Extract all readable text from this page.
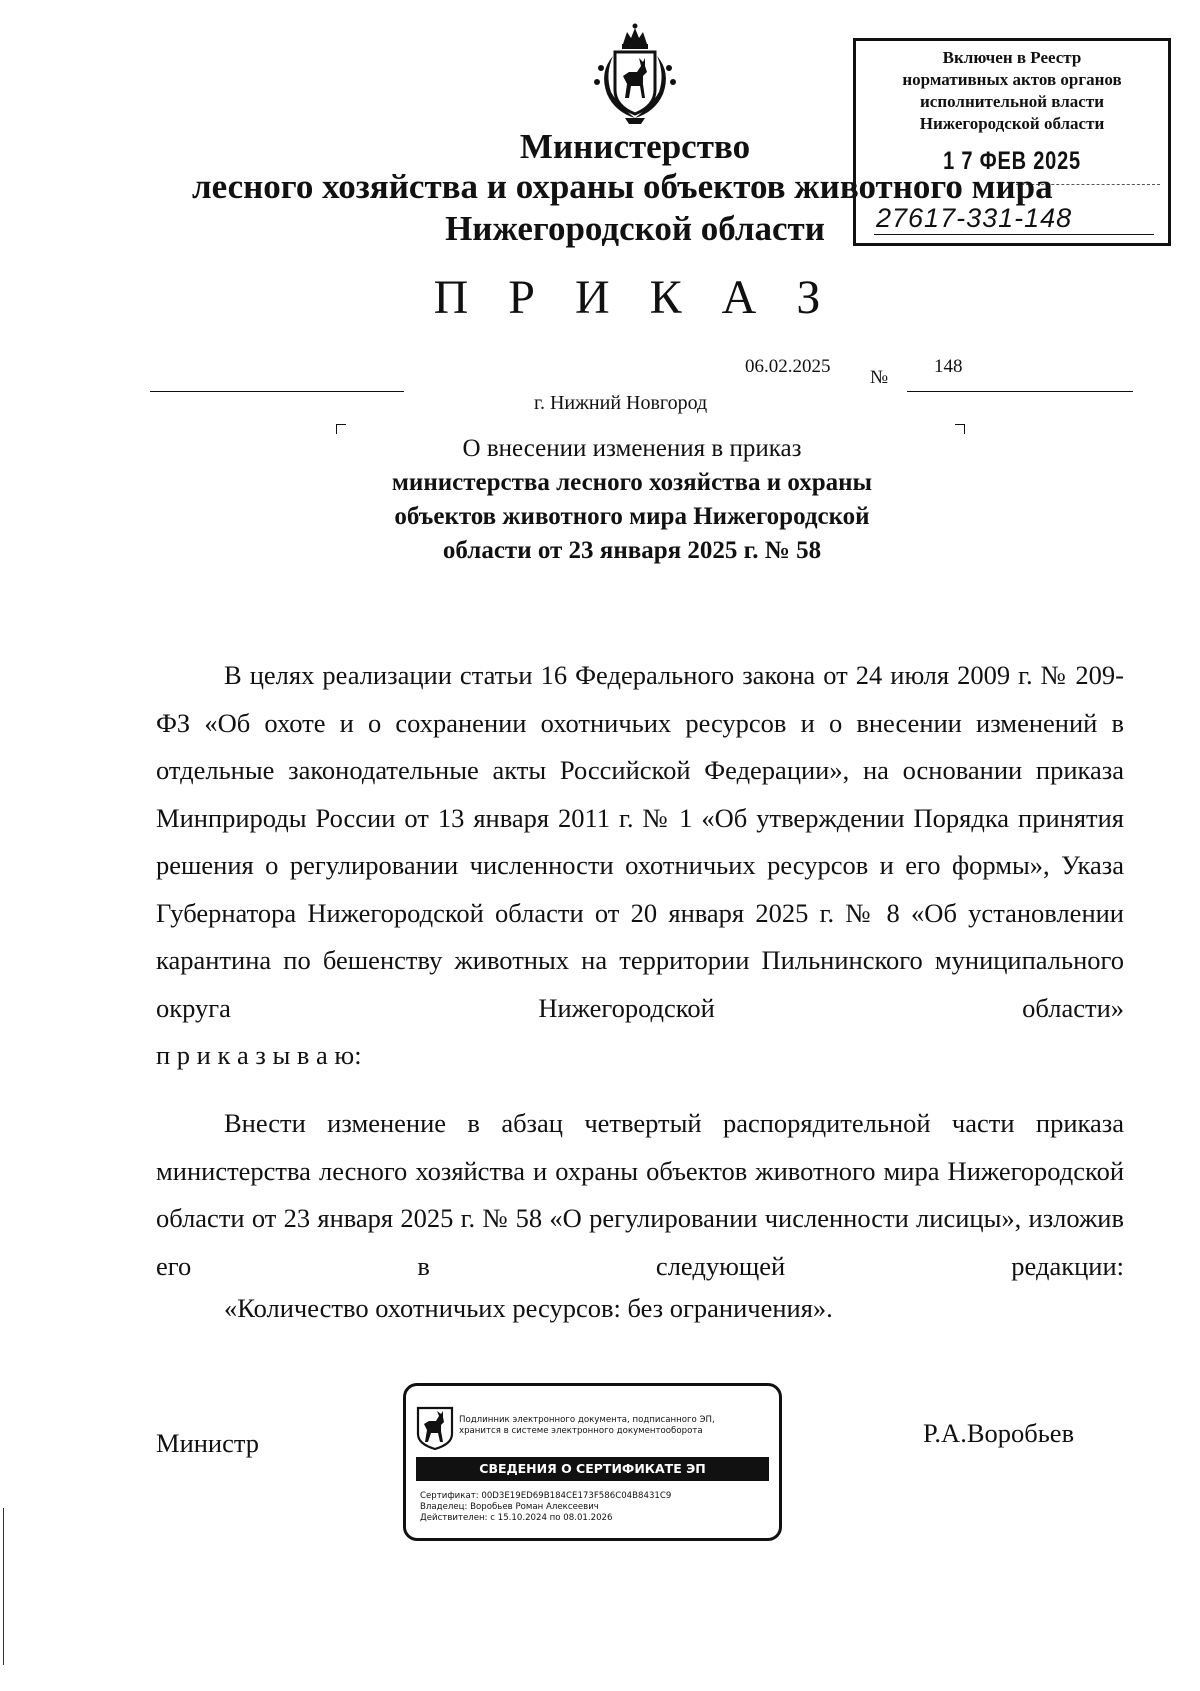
Включен в Реестр
нормативных актов органов
исполнительной власти
Нижегородской области
1 7 ФЕВ 2025
27617-331-148
Министерство
лесного хозяйства и охраны объектов животного мира
Нижегородской области
П Р И К А З
06.02.2025
№
148
г. Нижний Новгород
О внесении изменения в приказ
министерства лесного хозяйства и охраны
объектов животного мира Нижегородской
области от 23 января 2025 г. № 58
В целях реализации статьи 16 Федерального закона от 24 июля 2009 г. № 209-ФЗ «Об охоте и о сохранении охотничьих ресурсов и о внесении изменений в отдельные законодательные акты Российской Федерации», на основании приказа Минприроды России от 13 января 2011 г. № 1 «Об утверждении Порядка принятия решения о регулировании численности охотничьих ресурсов и его формы», Указа Губернатора Нижегородской области от 20 января 2025 г. № 8 «Об установлении карантина по бешенству животных на территории Пильнинского муниципального округа Нижегородской области»
п р и к а з ы в а ю:
Внести изменение в абзац четвертый распорядительной части приказа министерства лесного хозяйства и охраны объектов животного мира Нижегородской области от 23 января 2025 г. № 58 «О регулировании численности лисицы», изложив его в следующей редакции:
«Количество охотничьих ресурсов: без ограничения».
Министр	Р.А.Воробьев
Подлинник электронного документа, подписанного ЭП,
хранится в системе электронного документооборота
СВЕДЕНИЯ О СЕРТИФИКАТЕ ЭП
Сертификат: 00D3E19ED69B184CE173F586C04B8431C9
Владелец: Воробьев Роман Алексеевич
Действителен: с 15.10.2024 по 08.01.2026
